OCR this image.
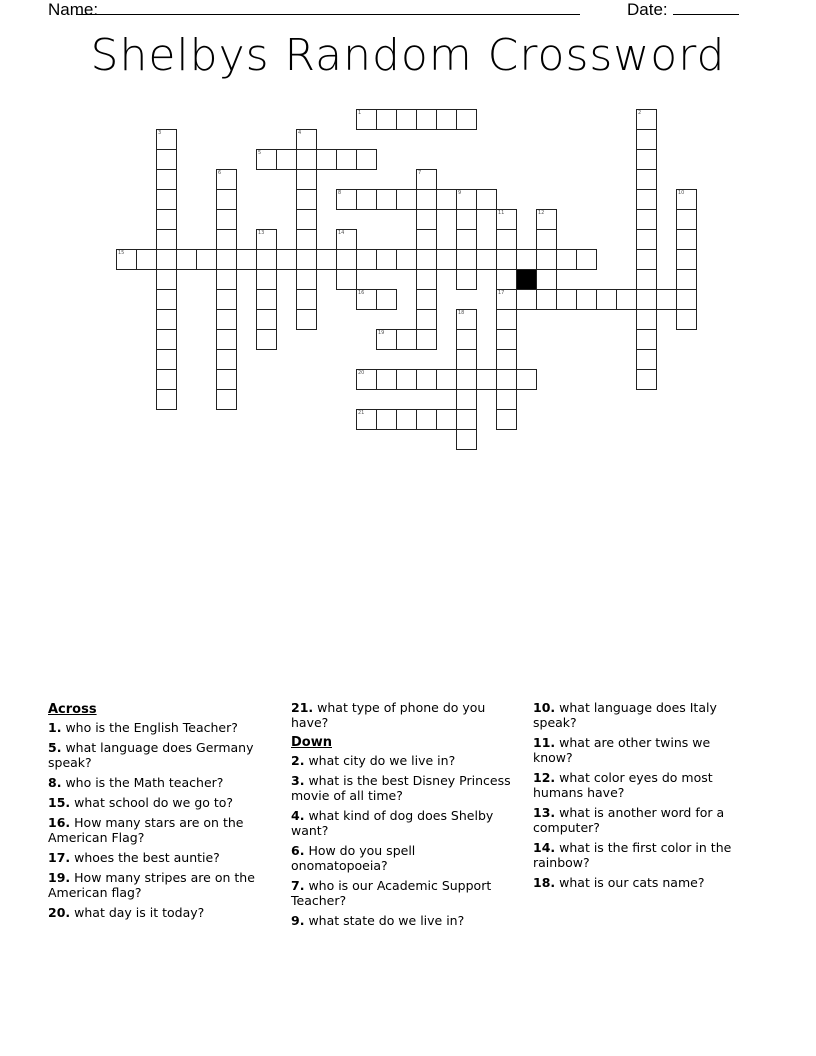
Name:	Date:
Shelbys Random Crossword
1
5
8	9
15
16	17
19
20
21
2
3	4
6	7
10
11	12
13	14
18
Across
1. who is the English Teacher?
5. what language does Germany speak?
8. who is the Math teacher?
15. what school do we go to?
16. How many stars are on the American Flag?
17. whoes the best auntie?
19. How many stripes are on the American flag?
20. what day is it today?
21. what type of phone do you have?
Down
2. what city do we live in?
3. what is the best Disney Princess movie of all time?
4. what kind of dog does Shelby want?
6. How do you spell onomatopoeia?
7. who is our Academic Support Teacher?
9. what state do we live in?
10. what language does Italy speak?
11. what are other twins we know?
12. what color eyes do most humans have?
13. what is another word for a computer?
14. what is the first color in the rainbow?
18. what is our cats name?
